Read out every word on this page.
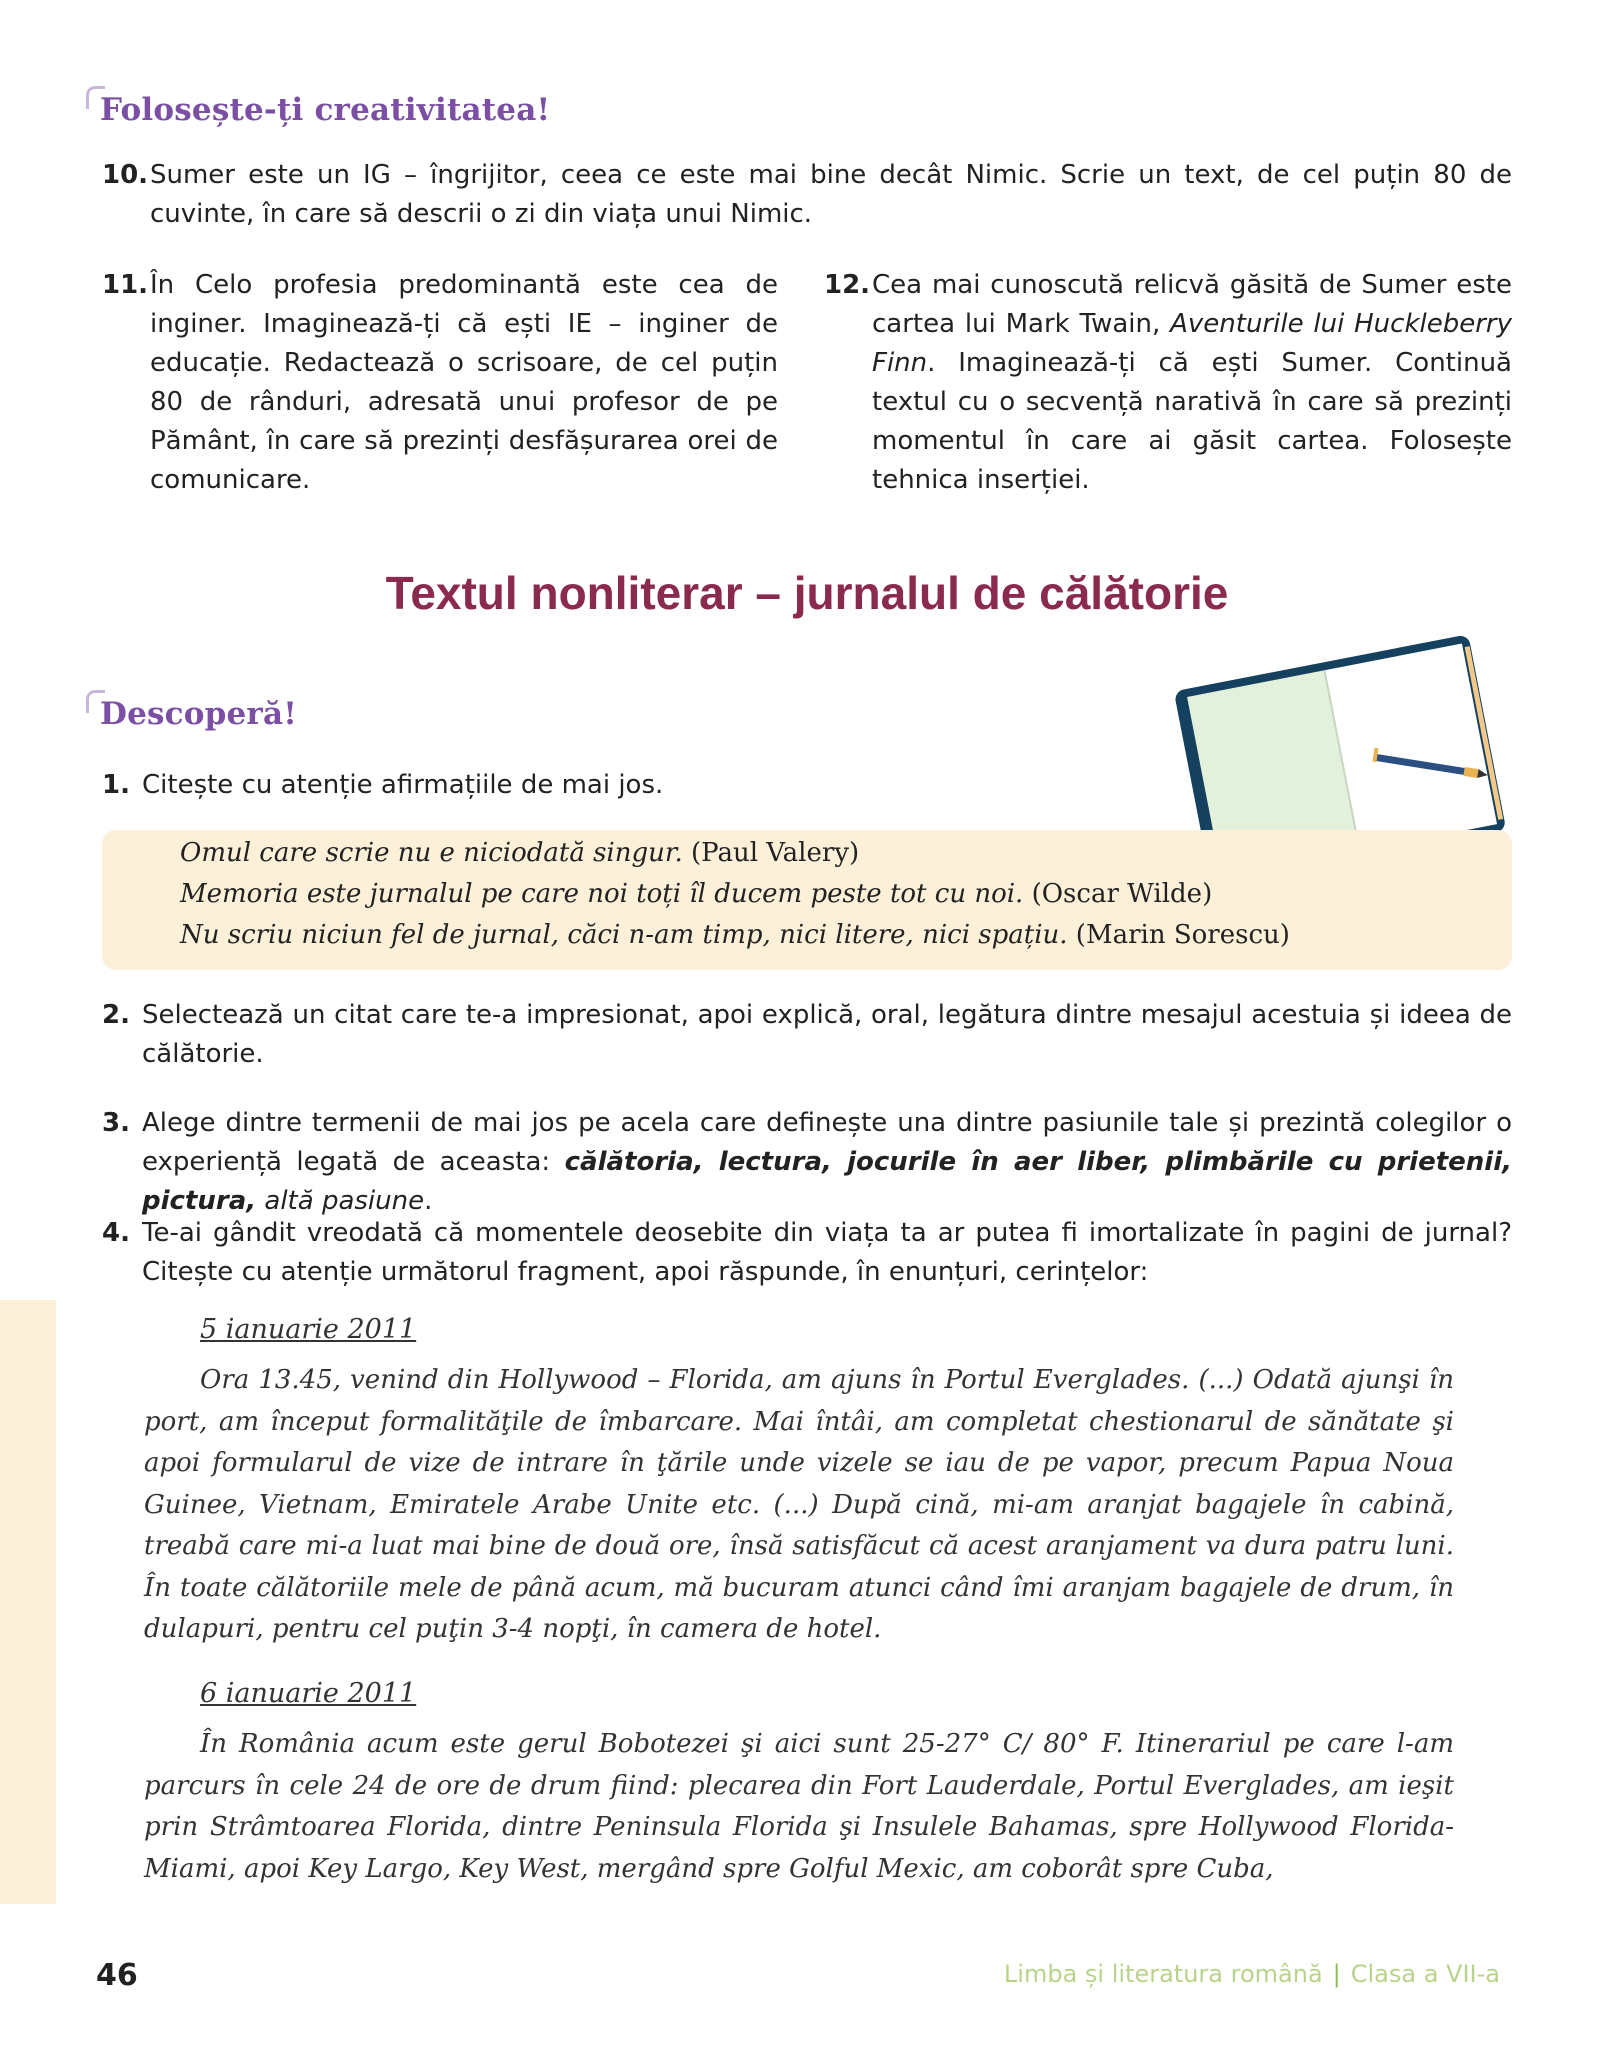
Folosește-ți creativitatea!
10. Sumer este un IG – îngrijitor, ceea ce este mai bine decât Nimic. Scrie un text, de cel puțin 80 de cuvinte, în care să descrii o zi din viața unui Nimic.
11. În Celo profesia predominantă este cea de inginer. Imaginează-ți că ești IE – inginer de educație. Redactează o scrisoare, de cel puțin 80 de rânduri, adresată unui profesor de pe Pământ, în care să prezinți desfășurarea orei de comunicare.
12. Cea mai cunoscută relicvă găsită de Sumer este cartea lui Mark Twain, Aventurile lui Huckleberry Finn. Imaginează-ți că ești Sumer. Continuă textul cu o secvență narativă în care să prezinți momentul în care ai găsit cartea. Folosește tehnica inserției.
Textul nonliterar – jurnalul de călătorie
Descoperă!
1. Citește cu atenție afirmațiile de mai jos.
Omul care scrie nu e niciodată singur. (Paul Valery)
Memoria este jurnalul pe care noi toți îl ducem peste tot cu noi. (Oscar Wilde)
Nu scriu niciun fel de jurnal, căci n-am timp, nici litere, nici spațiu. (Marin Sorescu)
2. Selectează un citat care te-a impresionat, apoi explică, oral, legătura dintre mesajul acestuia și ideea de călătorie.
3. Alege dintre termenii de mai jos pe acela care definește una dintre pasiunile tale și prezintă colegilor o experiență legată de aceasta: călătoria, lectura, jocurile în aer liber, plimbările cu prietenii, pictura, altă pasiune.
4. Te-ai gândit vreodată că momentele deosebite din viața ta ar putea fi imortalizate în pagini de jurnal? Citește cu atenție următorul fragment, apoi răspunde, în enunțuri, cerințelor:
5 ianuarie 2011
Ora 13.45, venind din Hollywood – Florida, am ajuns în Portul Everglades. (...) Odată ajunşi în port, am început formalităţile de îmbarcare. Mai întâi, am completat chestionarul de sănătate şi apoi formularul de vize de intrare în ţările unde vizele se iau de pe vapor, precum Papua Noua Guinee, Vietnam, Emiratele Arabe Unite etc. (...) După cină, mi-am aranjat bagajele în cabină, treabă care mi-a luat mai bine de două ore, însă satisfăcut că acest aranjament va dura patru luni. În toate călătoriile mele de până acum, mă bucuram atunci când îmi aranjam bagajele de drum, în dulapuri, pentru cel puţin 3-4 nopţi, în camera de hotel.
6 ianuarie 2011
În România acum este gerul Bobotezei şi aici sunt 25-27° C/ 80° F. Itinerariul pe care l-am parcurs în cele 24 de ore de drum fiind: plecarea din Fort Lauderdale, Portul Everglades, am ieşit prin Strâmtoarea Florida, dintre Peninsula Florida şi Insulele Bahamas, spre Hollywood Florida-Miami, apoi Key Largo, Key West, mergând spre Golful Mexic, am coborât spre Cuba,
46	Limba și literatura română | Clasa a VII-a
